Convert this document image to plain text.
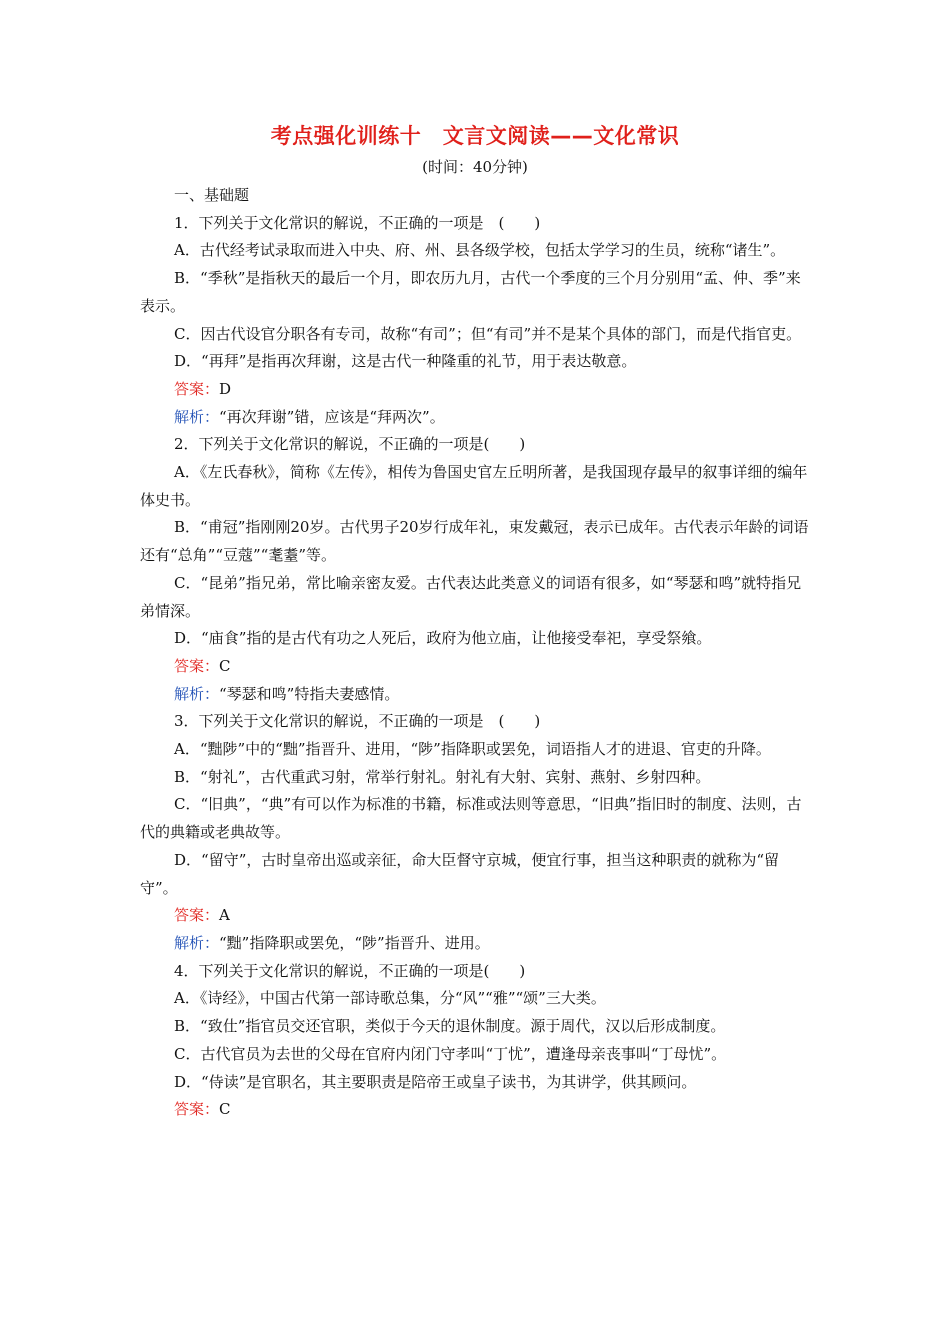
考点强化训练十　文言文阅读——文化常识
(时间：40分钟)

一、基础题

1．下列关于文化常识的解说，不正确的一项是　(　　)

A．古代经考试录取而进入中央、府、州、县各级学校，包括太学学习的生员，统称“诸生”。

B．“季秋”是指秋天的最后一个月，即农历九月，古代一个季度的三个月分别用“孟、仲、季”来表示。

C．因古代设官分职各有专司，故称“有司”；但“有司”并不是某个具体的部门，而是代指官吏。

D．“再拜”是指再次拜谢，这是古代一种隆重的礼节，用于表达敬意。

答案：D

解析：“再次拜谢”错，应该是“拜两次”。

2．下列关于文化常识的解说，不正确的一项是(　　)

A．《左氏春秋》，简称《左传》，相传为鲁国史官左丘明所著，是我国现存最早的叙事详细的编年体史书。

B．“甫冠”指刚刚20岁。古代男子20岁行成年礼，束发戴冠，表示已成年。古代表示年龄的词语还有“总角”“豆蔻”“耄耋”等。

C．“昆弟”指兄弟，常比喻亲密友爱。古代表达此类意义的词语有很多，如“琴瑟和鸣”就特指兄弟情深。

D．“庙食”指的是古代有功之人死后，政府为他立庙，让他接受奉祀，享受祭飨。

答案：C

解析：“琴瑟和鸣”特指夫妻感情。

3．下列关于文化常识的解说，不正确的一项是　(　　)

A．“黜陟”中的“黜”指晋升、进用，“陟”指降职或罢免，词语指人才的进退、官吏的升降。

B．“射礼”，古代重武习射，常举行射礼。射礼有大射、宾射、燕射、乡射四种。

C．“旧典”，“典”有可以作为标准的书籍，标准或法则等意思，“旧典”指旧时的制度、法则，古代的典籍或老典故等。

D．“留守”，古时皇帝出巡或亲征，命大臣督守京城，便宜行事，担当这种职责的就称为“留守”。

答案：A

解析：“黜”指降职或罢免，“陟”指晋升、进用。

4．下列关于文化常识的解说，不正确的一项是(　　)

A．《诗经》，中国古代第一部诗歌总集，分“风”“雅”“颂”三大类。

B．“致仕”指官员交还官职，类似于今天的退休制度。源于周代，汉以后形成制度。

C．古代官员为去世的父母在官府内闭门守孝叫“丁忧”，遭逢母亲丧事叫“丁母忧”。

D．“侍读”是官职名，其主要职责是陪帝王或皇子读书，为其讲学，供其顾问。

答案：C
